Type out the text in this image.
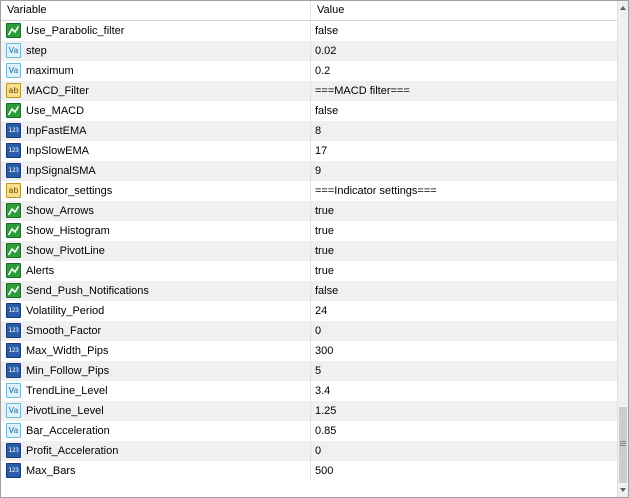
Variable	Value
Use_Parabolic_filter	false
Va step	0.02
Va maximum	0.2
ab MACD_Filter	===MACD filter===
Use_MACD	false
123 InpFastEMA	8
123 InpSlowEMA	17
123 InpSignalSMA	9
ab Indicator_settings	===Indicator settings===
Show_Arrows	true
Show_Histogram	true
Show_PivotLine	true
Alerts	true
Send_Push_Notifications	false
123 Volatility_Period	24
123 Smooth_Factor	0
123 Max_Width_Pips	300
123 Min_Follow_Pips	5
Va TrendLine_Level	3.4
Va PivotLine_Level	1.25
Va Bar_Acceleration	0.85
123 Profit_Acceleration	0
123 Max_Bars	500
